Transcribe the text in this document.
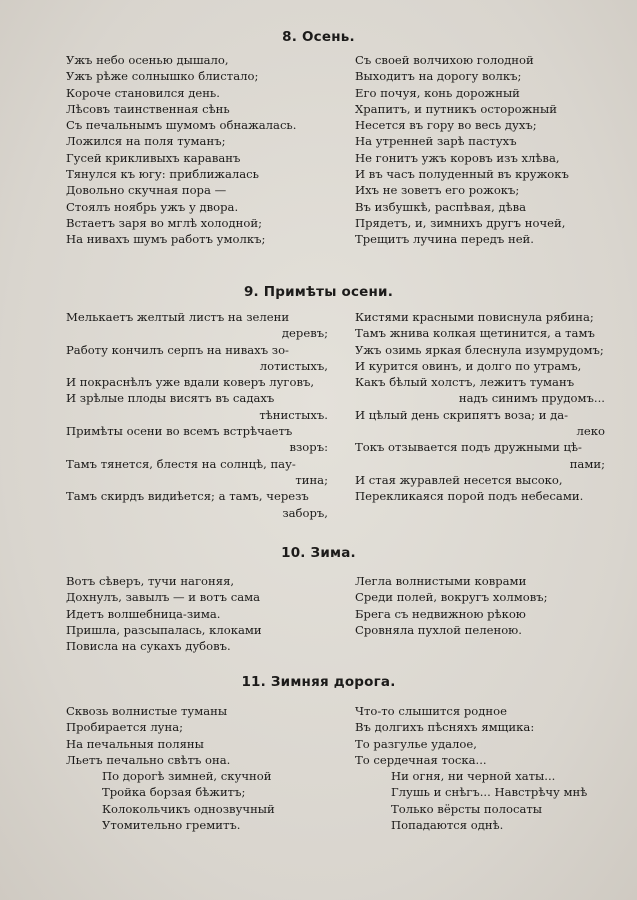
8. Осень.
Ужъ небо осенью дышало,
Ужъ рѣже солнышко блистало;
Короче становился день.
Лѣсовъ таинственная сѣнь
Съ печальнымъ шумомъ обнажалась.
Ложился на поля туманъ;
Гусей крикливыхъ караванъ
Тянулся къ югу: приближалась
Довольно скучная пора —
Стоялъ ноябрь ужъ у двора.
Встаетъ заря во мглѣ холодной;
На нивахъ шумъ работъ умолкъ;
Съ своей волчихою голодной
Выходитъ на дорогу волкъ;
Его почуя, конь дорожный
Храпитъ, и путникъ осторожный
Несется въ гору во весь духъ;
На утренней зарѣ пастухъ
Не гонитъ ужъ коровъ изъ хлѣва,
И въ часъ полуденный въ кружокъ
Ихъ не зоветъ его рожокъ;
Въ избушкѣ, распѣвая, дѣва
Прядетъ, и, зимнихъ другъ ночей,
Трещитъ лучина передъ ней.
9. Примѣты осени.
Мелькаетъ желтый листъ на зелени
деревъ;
Работу кончилъ серпъ на нивахъ зо-
лотистыхъ,
И покраснѣлъ уже вдали коверъ луговъ,
И зрѣлые плоды висятъ въ садахъ
тѣнистыхъ.
Примѣты осени во всемъ встрѣчаетъ
взоръ:
Тамъ тянется, блестя на солнцѣ, пау-
тина;
Тамъ скирдъ видиѣется; а тамъ, черезъ
заборъ,
Кистями красными повиснула рябина;
Тамъ жнива колкая щетинится, а тамъ
Ужъ озимь яркая блеснула изумрудомъ;
И курится овинъ, и долго по утрамъ,
Какъ бѣлый холстъ, лежитъ туманъ
надъ синимъ прудомъ...
И цѣлый день скрипятъ воза; и да-
леко
Токъ отзывается подъ дружными цѣ-
пами;
И стая журавлей несется высоко,
Перекликаяся порой подъ небесами.
10. Зима.
Вотъ сѣверъ, тучи нагоняя,
Дохнулъ, завылъ — и вотъ сама
Идетъ волшебница-зима.
Пришла, разсыпалась, клоками
Повисла на сукахъ дубовъ.
Легла волнистыми коврами
Среди полей, вокругъ холмовъ;
Брега съ недвижною рѣкою
Сровняла пухлой пеленою.
11. Зимняя дорога.
Сквозь волнистые туманы
Пробирается луна;
На печальныя поляны
Льетъ печально свѣтъ она.
По дорогѣ зимней, скучной
Тройка борзая бѣжитъ;
Колокольчикъ однозвучный
Утомительно гремитъ.
Что-то слышится родное
Въ долгихъ пѣсняхъ ямщика:
То разгулье удалое,
То сердечная тоска...
Ни огня, ни черной хаты...
Глушь и снѣгъ... Навстрѣчу мнѣ
Только вёрсты полосаты
Попадаются однѣ.
